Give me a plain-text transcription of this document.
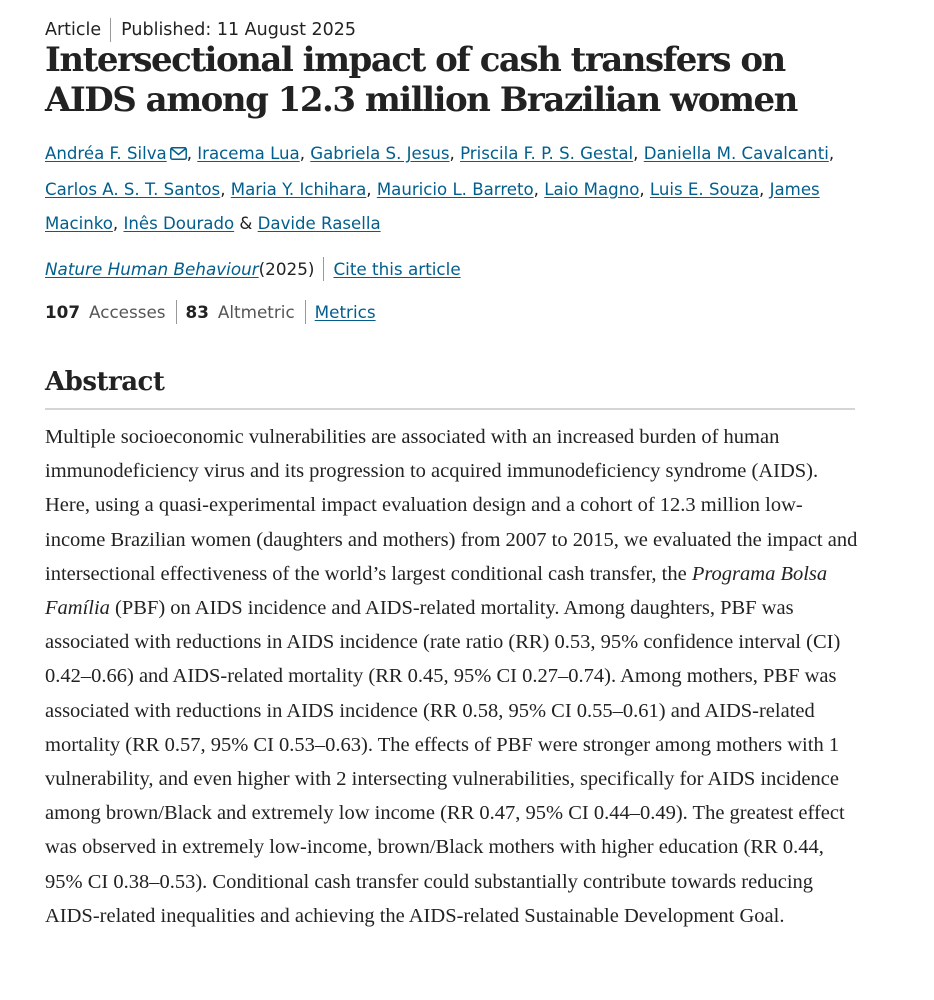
Article Published: 11 August 2025
Intersectional impact of cash transfers on AIDS among 12.3 million Brazilian women
Andréa F. Silva , Iracema Lua, Gabriela S. Jesus, Priscila F. P. S. Gestal, Daniella M. Cavalcanti, Carlos A. S. T. Santos, Maria Y. Ichihara, Mauricio L. Barreto, Laio Magno, Luis E. Souza, James Macinko, Inês Dourado & Davide Rasella
Nature Human Behaviour (2025) Cite this article
107 Accesses 83 Altmetric Metrics
Abstract

Multiple socioeconomic vulnerabilities are associated with an increased burden of human immunodeficiency virus and its progression to acquired immunodeficiency syndrome (AIDS). Here, using a quasi-experimental impact evaluation design and a cohort of 12.3 million low-income Brazilian women (daughters and mothers) from 2007 to 2015, we evaluated the impact and intersectional effectiveness of the world’s largest conditional cash transfer, the Programa Bolsa Família (PBF) on AIDS incidence and AIDS-related mortality. Among daughters, PBF was associated with reductions in AIDS incidence (rate ratio (RR) 0.53, 95% confidence interval (CI) 0.42–0.66) and AIDS-related mortality (RR 0.45, 95% CI 0.27–0.74). Among mothers, PBF was associated with reductions in AIDS incidence (RR 0.58, 95% CI 0.55–0.61) and AIDS-related mortality (RR 0.57, 95% CI 0.53–0.63). The effects of PBF were stronger among mothers with 1 vulnerability, and even higher with 2 intersecting vulnerabilities, specifically for AIDS incidence among brown/Black and extremely low income (RR 0.47, 95% CI 0.44–0.49). The greatest effect was observed in extremely low-income, brown/Black mothers with higher education (RR 0.44, 95% CI 0.38–0.53). Conditional cash transfer could substantially contribute towards reducing AIDS-related inequalities and achieving the AIDS-related Sustainable Development Goal.
